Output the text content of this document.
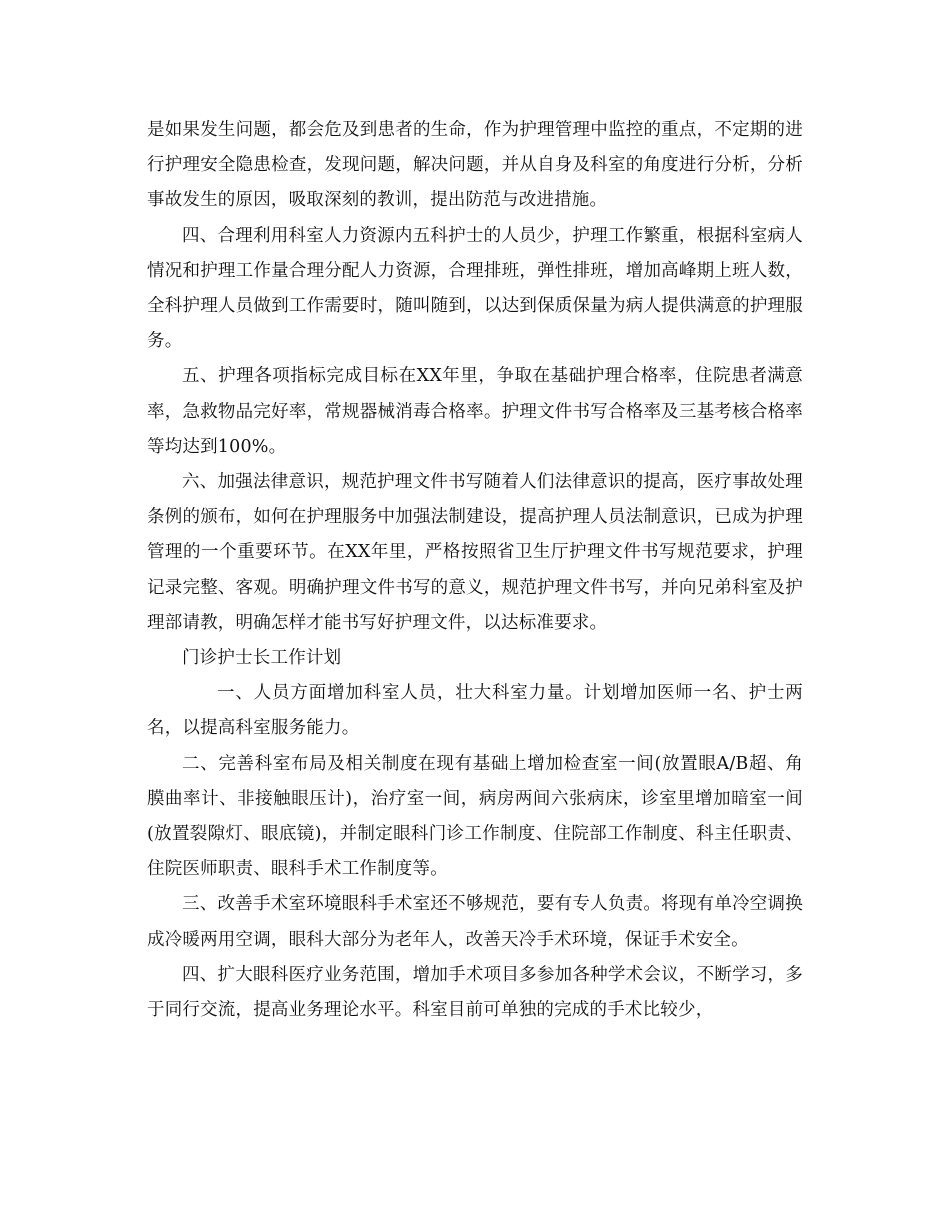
是如果发生问题，都会危及到患者的生命，作为护理管理中监控的重点，不定期的进行护理安全隐患检查，发现问题，解决问题，并从自身及科室的角度进行分析，分析事故发生的原因，吸取深刻的教训，提出防范与改进措施。

四、合理利用科室人力资源内五科护士的人员少，护理工作繁重，根据科室病人情况和护理工作量合理分配人力资源，合理排班，弹性排班，增加高峰期上班人数，全科护理人员做到工作需要时，随叫随到，以达到保质保量为病人提供满意的护理服务。

五、护理各项指标完成目标在XX年里，争取在基础护理合格率，住院患者满意率，急救物品完好率，常规器械消毒合格率。护理文件书写合格率及三基考核合格率等均达到100%。

六、加强法律意识，规范护理文件书写随着人们法律意识的提高，医疗事故处理条例的颁布，如何在护理服务中加强法制建设，提高护理人员法制意识，已成为护理管理的一个重要环节。在XX年里，严格按照省卫生厅护理文件书写规范要求，护理记录完整、客观。明确护理文件书写的意义，规范护理文件书写，并向兄弟科室及护理部请教，明确怎样才能书写好护理文件，以达标准要求。

门诊护士长工作计划

一、人员方面增加科室人员，壮大科室力量。计划增加医师一名、护士两名，以提高科室服务能力。

二、完善科室布局及相关制度在现有基础上增加检查室一间(放置眼A/B超、角膜曲率计、非接触眼压计)，治疗室一间，病房两间六张病床，诊室里增加暗室一间(放置裂隙灯、眼底镜)，并制定眼科门诊工作制度、住院部工作制度、科主任职责、住院医师职责、眼科手术工作制度等。

三、改善手术室环境眼科手术室还不够规范，要有专人负责。将现有单冷空调换成冷暖两用空调，眼科大部分为老年人，改善天冷手术环境，保证手术安全。

四、扩大眼科医疗业务范围，增加手术项目多参加各种学术会议，不断学习，多于同行交流，提高业务理论水平。科室目前可单独的完成的手术比较少，
